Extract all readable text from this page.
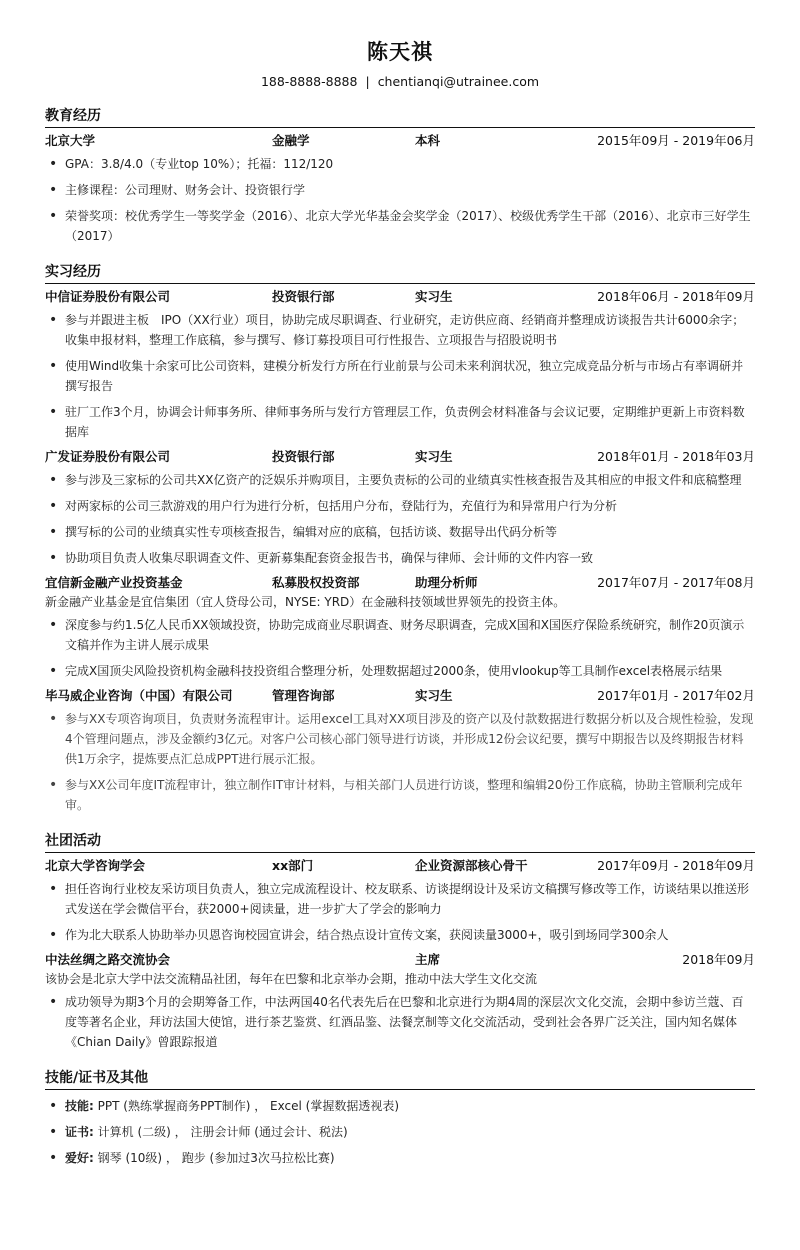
陈天祺
188-8888-8888 | chentianqi@utrainee.com
教育经历
北京大学	金融学	本科	2015年09月 - 2019年06月
• GPA：3.8/4.0（专业top 10%）；托福：112/120
• 主修课程：公司理财、财务会计、投资银行学
• 荣誉奖项：校优秀学生一等奖学金（2016）、北京大学光华基金会奖学金（2017）、校级优秀学生干部（2016）、北京市三好学生（2017）
实习经历
中信证券股份有限公司	投资银行部	实习生	2018年06月 - 2018年09月
• 参与并跟进主板　IPO（XX行业）项目，协助完成尽职调查、行业研究，走访供应商、经销商并整理成访谈报告共计6000余字；收集申报材料，整理工作底稿，参与撰写、修订募投项目可行性报告、立项报告与招股说明书
• 使用Wind收集十余家可比公司资料，建模分析发行方所在行业前景与公司未来利润状况，独立完成竞品分析与市场占有率调研并撰写报告
• 驻厂工作3个月，协调会计师事务所、律师事务所与发行方管理层工作，负责例会材料准备与会议记要，定期维护更新上市资料数据库
广发证券股份有限公司	投资银行部	实习生	2018年01月 - 2018年03月
• 参与涉及三家标的公司共XX亿资产的泛娱乐并购项目，主要负责标的公司的业绩真实性核查报告及其相应的申报文件和底稿整理
• 对两家标的公司三款游戏的用户行为进行分析，包括用户分布，登陆行为，充值行为和异常用户行为分析
• 撰写标的公司的业绩真实性专项核查报告，编辑对应的底稿，包括访谈、数据导出代码分析等
• 协助项目负责人收集尽职调查文件、更新募集配套资金报告书，确保与律师、会计师的文件内容一致
宜信新金融产业投资基金	私募股权投资部	助理分析师	2017年07月 - 2017年08月
新金融产业基金是宜信集团（宜人贷母公司，NYSE: YRD）在金融科技领域世界领先的投资主体。
• 深度参与约1.5亿人民币XX领域投资，协助完成商业尽职调查、财务尽职调查，完成X国和X国医疗保险系统研究，制作20页演示文稿并作为主讲人展示成果
• 完成X国顶尖风险投资机构金融科技投资组合整理分析，处理数据超过2000条，使用vlookup等工具制作excel表格展示结果
毕马威企业咨询（中国）有限公司	管理咨询部	实习生	2017年01月 - 2017年02月
• 参与XX专项咨询项目，负责财务流程审计。运用excel工具对XX项目涉及的资产以及付款数据进行数据分析以及合规性检验，发现4个管理问题点，涉及金额约3亿元。对客户公司核心部门领导进行访谈，并形成12份会议纪要，撰写中期报告以及终期报告材料供1万余字，提炼要点汇总成PPT进行展示汇报。
• 参与XX公司年度IT流程审计，独立制作IT审计材料，与相关部门人员进行访谈，整理和编辑20份工作底稿，协助主管顺利完成年审。
社团活动
北京大学咨询学会	xx部门	企业资源部核心骨干	2017年09月 - 2018年09月
• 担任咨询行业校友采访项目负责人，独立完成流程设计、校友联系、访谈提纲设计及采访文稿撰写修改等工作，访谈结果以推送形式发送在学会微信平台，获2000+阅读量，进一步扩大了学会的影响力
• 作为北大联系人协助举办贝恩咨询校园宣讲会，结合热点设计宣传文案，获阅读量3000+，吸引到场同学300余人
中法丝绸之路交流协会	主席	2018年09月
该协会是北京大学中法交流精品社团，每年在巴黎和北京举办会期，推动中法大学生文化交流
• 成功领导为期3个月的会期筹备工作，中法两国40名代表先后在巴黎和北京进行为期4周的深层次文化交流，会期中参访兰蔻、百度等著名企业，拜访法国大使馆，进行茶艺鉴赏、红酒品鉴、法餐烹制等文化交流活动，受到社会各界广泛关注，国内知名媒体《Chian Daily》曾跟踪报道
技能/证书及其他
• 技能: PPT (熟练掌握商务PPT制作) ， Excel (掌握数据透视表)
• 证书: 计算机 (二级) ， 注册会计师 (通过会计、税法)
• 爱好: 钢琴 (10级) ， 跑步 (参加过3次马拉松比赛)
